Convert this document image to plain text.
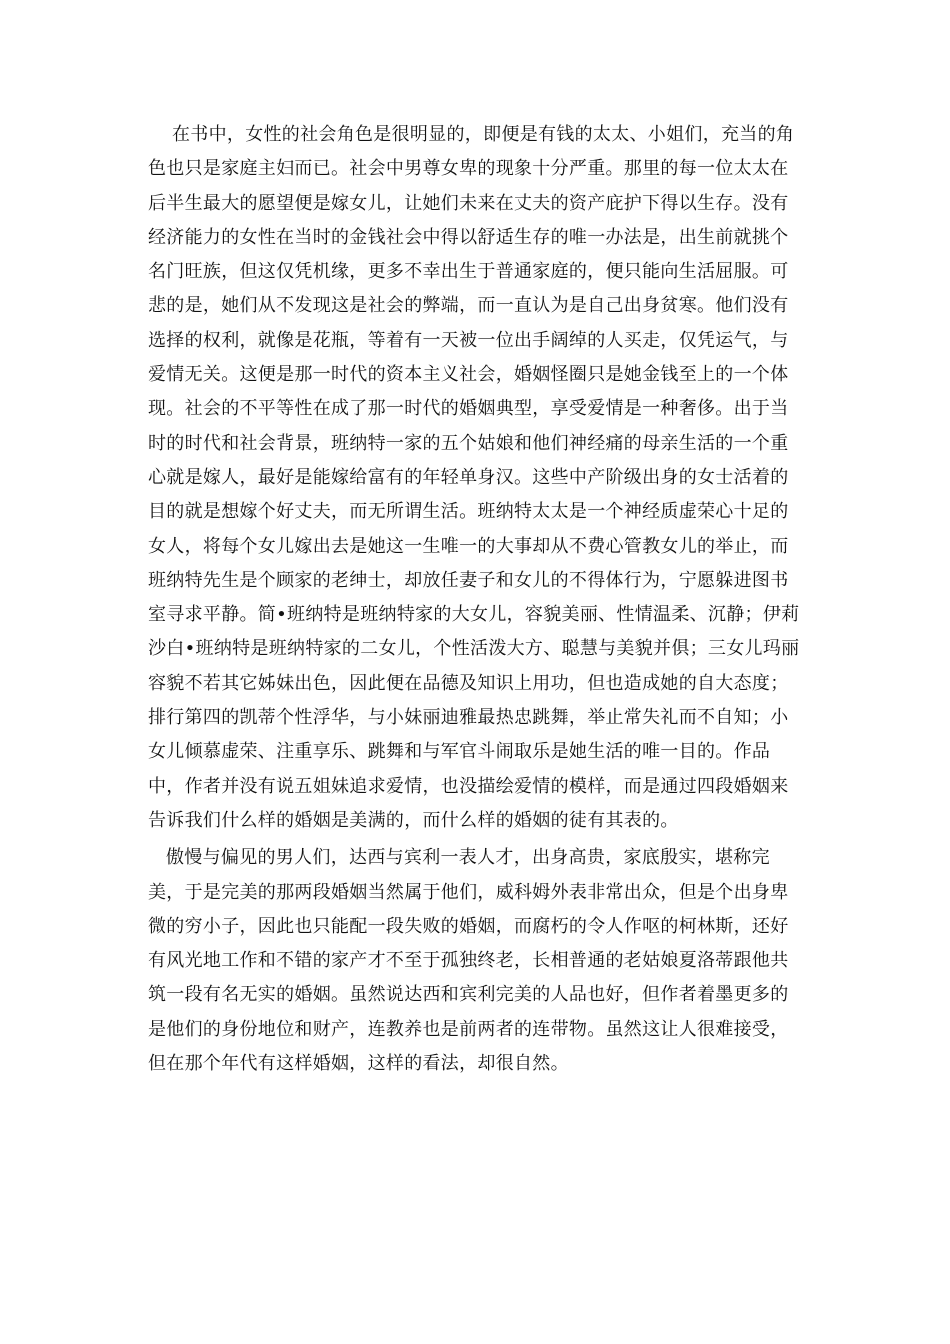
在书中，女性的社会角色是很明显的，即便是有钱的太太、小姐们，充当的角色也只是家庭主妇而已。社会中男尊女卑的现象十分严重。那里的每一位太太在后半生最大的愿望便是嫁女儿，让她们未来在丈夫的资产庇护下得以生存。没有经济能力的女性在当时的金钱社会中得以舒适生存的唯一办法是，出生前就挑个名门旺族，但这仅凭机缘，更多不幸出生于普通家庭的，便只能向生活屈服。可悲的是，她们从不发现这是社会的弊端，而一直认为是自己出身贫寒。他们没有选择的权利，就像是花瓶，等着有一天被一位出手阔绰的人买走，仅凭运气，与爱情无关。这便是那一时代的资本主义社会，婚姻怪圈只是她金钱至上的一个体现。社会的不平等性在成了那一时代的婚姻典型，享受爱情是一种奢侈。出于当时的时代和社会背景，班纳特一家的五个姑娘和他们神经痛的母亲生活的一个重心就是嫁人，最好是能嫁给富有的年轻单身汉。这些中产阶级出身的女士活着的目的就是想嫁个好丈夫，而无所谓生活。班纳特太太是一个神经质虚荣心十足的女人，将每个女儿嫁出去是她这一生唯一的大事却从不费心管教女儿的举止，而班纳特先生是个顾家的老绅士，却放任妻子和女儿的不得体行为，宁愿躲进图书室寻求平静。简•班纳特是班纳特家的大女儿，容貌美丽、性情温柔、沉静；伊莉沙白•班纳特是班纳特家的二女儿，个性活泼大方、聪慧与美貌并俱；三女儿玛丽容貌不若其它姊妹出色，因此便在品德及知识上用功，但也造成她的自大态度；排行第四的凯蒂个性浮华，与小妹丽迪雅最热忠跳舞，举止常失礼而不自知；小女儿倾慕虚荣、注重享乐、跳舞和与军官斗闹取乐是她生活的唯一目的。作品中，作者并没有说五姐妹追求爱情，也没描绘爱情的模样，而是通过四段婚姻来告诉我们什么样的婚姻是美满的，而什么样的婚姻的徒有其表的。

傲慢与偏见的男人们，达西与宾利一表人才，出身高贵，家底殷实，堪称完美，于是完美的那两段婚姻当然属于他们，威科姆外表非常出众，但是个出身卑微的穷小子，因此也只能配一段失败的婚姻，而腐朽的令人作呕的柯林斯，还好有风光地工作和不错的家产才不至于孤独终老，长相普通的老姑娘夏洛蒂跟他共筑一段有名无实的婚姻。虽然说达西和宾利完美的人品也好，但作者着墨更多的是他们的身份地位和财产，连教养也是前两者的连带物。虽然这让人很难接受，但在那个年代有这样婚姻，这样的看法，却很自然。
